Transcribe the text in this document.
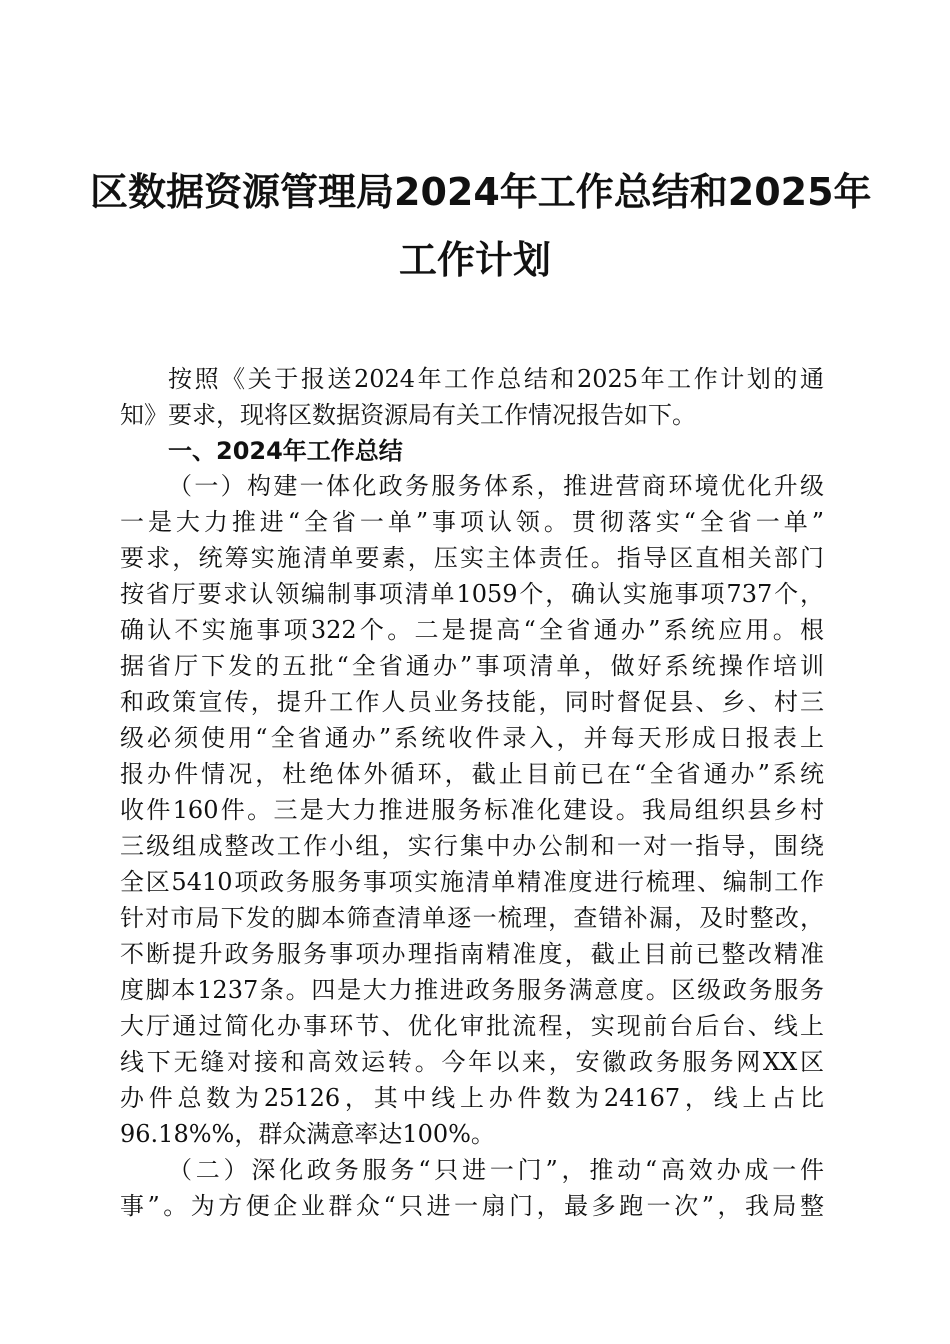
区数据资源管理局2024年工作总结和2025年
工作计划
按照《关于报送2024年工作总结和2025年工作计划的通
知》要求，现将区数据资源局有关工作情况报告如下。
一、2024年工作总结
（一）构建一体化政务服务体系，推进营商环境优化升级
一是大力推进“全省一单”事项认领。贯彻落实“全省一单”
要求，统筹实施清单要素，压实主体责任。指导区直相关部门
按省厅要求认领编制事项清单1059个，确认实施事项737个，
确认不实施事项322个。二是提高“全省通办”系统应用。根
据省厅下发的五批“全省通办”事项清单，做好系统操作培训
和政策宣传，提升工作人员业务技能，同时督促县、乡、村三
级必须使用“全省通办”系统收件录入，并每天形成日报表上
报办件情况，杜绝体外循环，截止目前已在“全省通办”系统
收件160件。三是大力推进服务标准化建设。我局组织县乡村
三级组成整改工作小组，实行集中办公制和一对一指导，围绕
全区5410项政务服务事项实施清单精准度进行梳理、编制工作
针对市局下发的脚本筛查清单逐一梳理，查错补漏，及时整改，
不断提升政务服务事项办理指南精准度，截止目前已整改精准
度脚本1237条。四是大力推进政务服务满意度。区级政务服务
大厅通过简化办事环节、优化审批流程，实现前台后台、线上
线下无缝对接和高效运转。今年以来，安徽政务服务网XX区
办件总数为25126，其中线上办件数为24167，线上占比
96.18%%，群众满意率达100%。
（二）深化政务服务“只进一门”，推动“高效办成一件
事”。为方便企业群众“只进一扇门，最多跑一次”，我局整
